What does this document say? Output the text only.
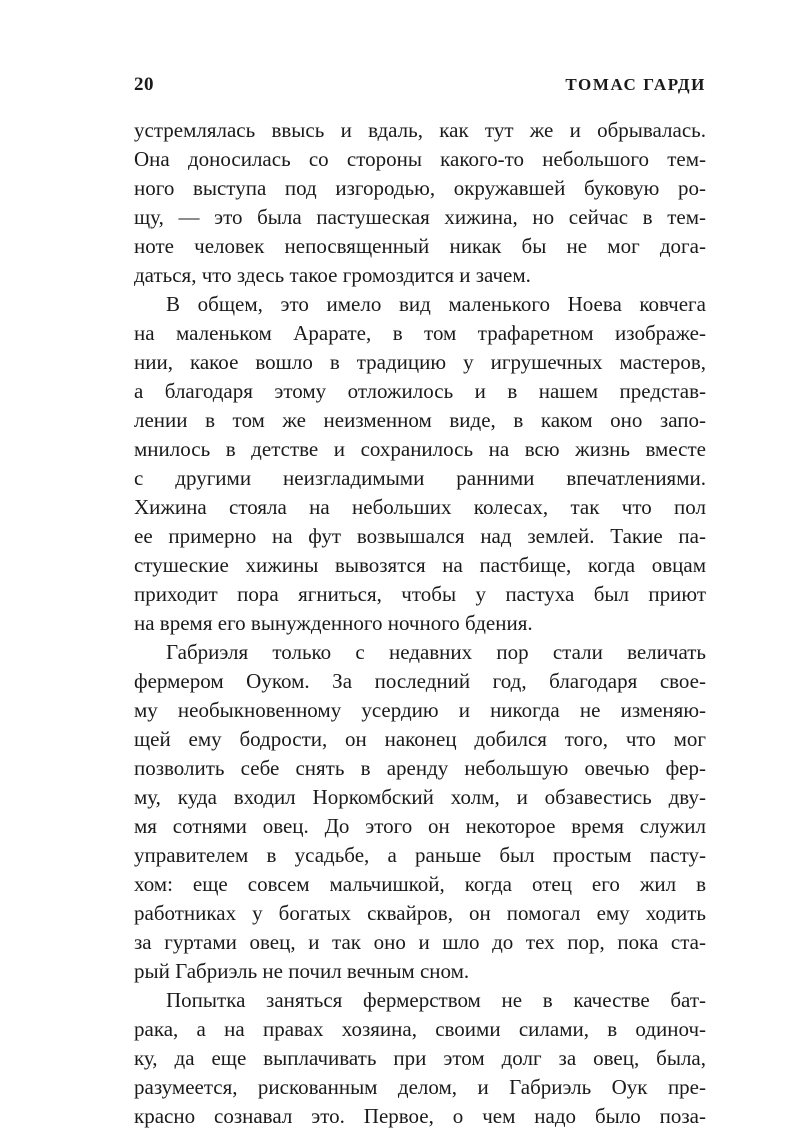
20	ТОМАС ГАРДИ
устремлялась ввысь и вдаль, как тут же и обрывалась.
Она доносилась со стороны какого-то небольшого тем-
ного выступа под изгородью, окружавшей буковую ро-
щу, — это была пастушеская хижина, но сейчас в тем-
ноте человек непосвященный никак бы не мог дога-
даться, что здесь такое громоздится и зачем.
В общем, это имело вид маленького Ноева ковчега
на маленьком Арарате, в том трафаретном изображе-
нии, какое вошло в традицию у игрушечных мастеров,
а благодаря этому отложилось и в нашем представ-
лении в том же неизменном виде, в каком оно запо-
мнилось в детстве и сохранилось на всю жизнь вместе
с другими неизгладимыми ранними впечатлениями.
Хижина стояла на небольших колесах, так что пол
ее примерно на фут возвышался над землей. Такие па-
стушеские хижины вывозятся на пастбище, когда овцам
приходит пора ягниться, чтобы у пастуха был приют
на время его вынужденного ночного бдения.
Габриэля только с недавних пор стали величать
фермером Оуком. За последний год, благодаря свое-
му необыкновенному усердию и никогда не изменяю-
щей ему бодрости, он наконец добился того, что мог
позволить себе снять в аренду небольшую овечью фер-
му, куда входил Норкомбский холм, и обзавестись дву-
мя сотнями овец. До этого он некоторое время служил
управителем в усадьбе, а раньше был простым пасту-
хом: еще совсем мальчишкой, когда отец его жил в
работниках у богатых сквайров, он помогал ему ходить
за гуртами овец, и так оно и шло до тех пор, пока ста-
рый Габриэль не почил вечным сном.
Попытка заняться фермерством не в качестве бат-
рака, а на правах хозяина, своими силами, в одиноч-
ку, да еще выплачивать при этом долг за овец, была,
разумеется, рискованным делом, и Габриэль Оук пре-
красно сознавал это. Первое, о чем надо было поза-
